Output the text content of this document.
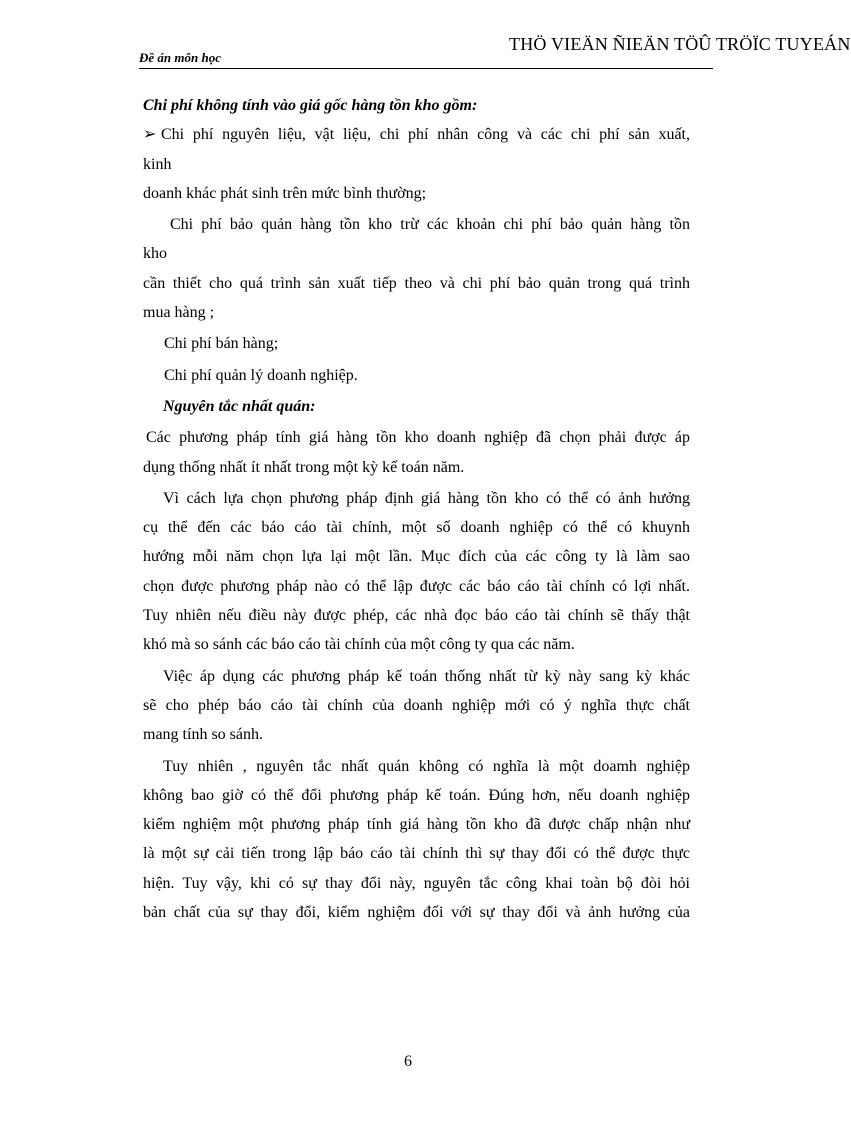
Đề án môn học
THÖ VIEÄN ÑIEÄN TÖÛ TRÖÏC TUYEÁN
Chi phí không tính vào giá gốc hàng tồn kho gồm:
➢ Chi phí nguyên liệu, vật liệu, chi phí nhân công và các chi phí sản xuất,
kinh
doanh khác phát sinh trên mức bình thường;
Chi phí bảo quản hàng tồn kho trừ các khoản chi phí bảo quản hàng tồn
kho
cần thiết cho quá trình sản xuất tiếp theo và chi phí bảo quản trong quá trình
mua hàng ;
Chi phí bán hàng;
Chi phí quản lý doanh nghiệp.
Nguyên tắc nhất quán:
Các phương pháp tính giá hàng tồn kho doanh nghiệp đã chọn phải được áp
dụng thống nhất ít nhất trong một kỳ kế toán năm.
Vì cách lựa chọn phương pháp định giá hàng tồn kho có thể có ảnh hưởng
cụ thể đến các báo cáo tài chính, một số doanh nghiệp có thể có khuynh
hướng mỗi năm chọn lựa lại một lần. Mục đích của các công ty là làm sao
chọn được phương pháp nào có thể lập được các báo cáo tài chính có lợi nhất.
Tuy nhiên nếu điều này được phép, các nhà đọc báo cáo tài chính sẽ thấy thật
khó mà so sánh các báo cáo tài chính của một công ty qua các năm.
Việc áp dụng các phương pháp kế toán thống nhất từ kỳ này sang kỳ khác
sẽ cho phép báo cáo tài chính của doanh nghiệp mới có ý nghĩa thực chất
mang tính so sánh.
Tuy nhiên , nguyên tắc nhất quán không có nghĩa là một doamh nghiệp
không bao giờ có thể đổi phương pháp kế toán. Đúng hơn, nếu doanh nghiệp
kiểm nghiệm một phương pháp tính giá hàng tồn kho đã được chấp nhận như
là một sự cải tiến trong lập báo cáo tài chính thì sự thay đổi có thể được thực
hiện. Tuy vậy, khi có sự thay đổi này, nguyên tắc công khai toàn bộ đòi hỏi
bản chất của sự thay đổi, kiểm nghiệm đối với sự thay đổi và ảnh hưởng của
6
